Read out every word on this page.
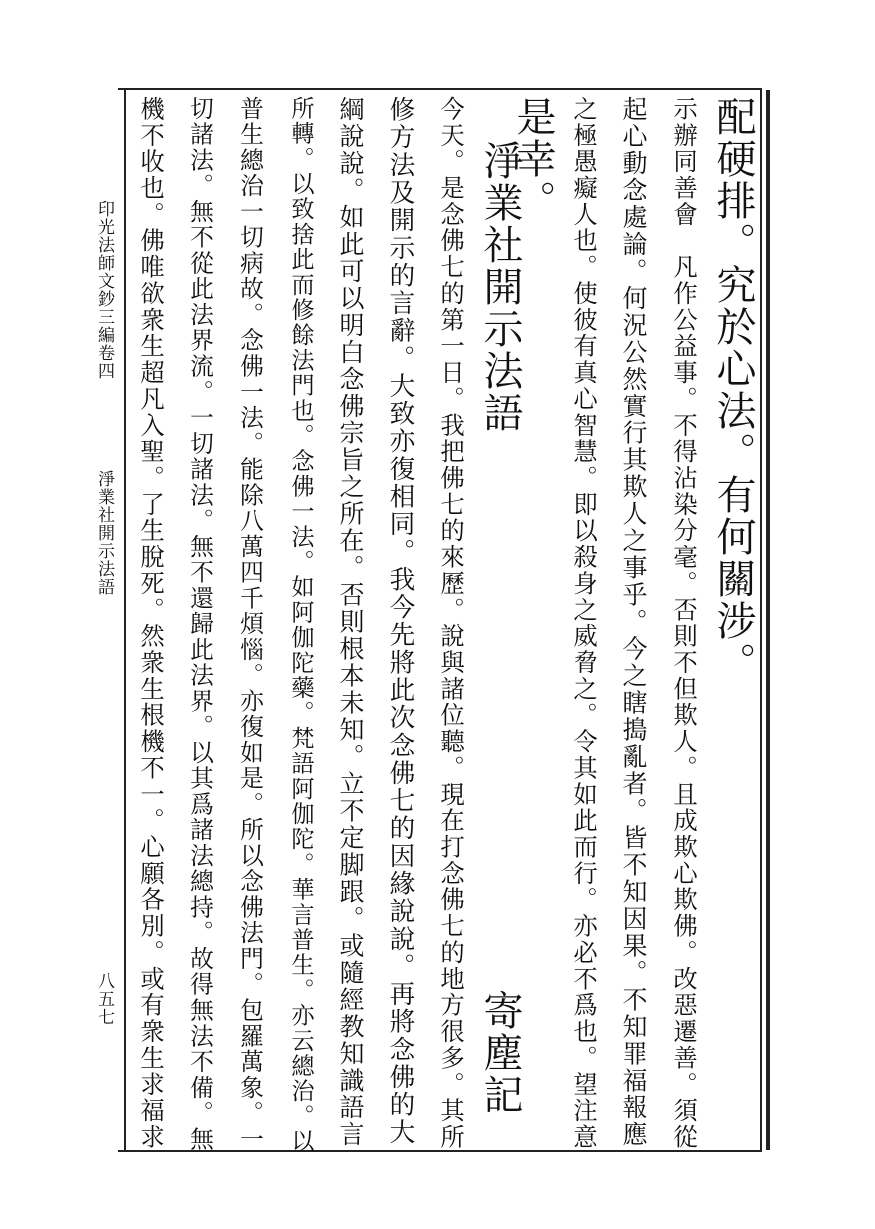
配硬排。究於心法。有何關涉。
示辦同善會　凡作公益事。不得沾染分毫。否則不但欺人。且成欺心欺佛。改惡遷善。須從
起心動念處論。何況公然實行其欺人之事乎。今之瞎搗亂者。皆不知因果。不知罪福報應
之極愚癡人也。使彼有真心智慧。即以殺身之威脅之。令其如此而行。亦必不爲也。望注意
是幸。
淨業社開示法語
寄塵記
今天。是念佛七的第一日。我把佛七的來歷。說與諸位聽。現在打念佛七的地方很多。其所
修方法及開示的言辭。大致亦復相同。我今先將此次念佛七的因緣說說。再將念佛的大
綱說說。如此可以明白念佛宗旨之所在。否則根本未知。立不定脚跟。或隨經教知識語言
所轉。以致捨此而修餘法門也。念佛一法。如阿伽陀藥。梵語阿伽陀。華言普生。亦云總治。以
普生總治一切病故。念佛一法。能除八萬四千煩惱。亦復如是。所以念佛法門。包羅萬象。一
切諸法。無不從此法界流。一切諸法。無不還歸此法界。以其爲諸法總持。故得無法不備。無
機不收也。佛唯欲衆生超凡入聖。了生脫死。然衆生根機不一。心願各別。或有衆生求福求
印光法師文鈔三編卷四
淨業社開示法語
八五七
